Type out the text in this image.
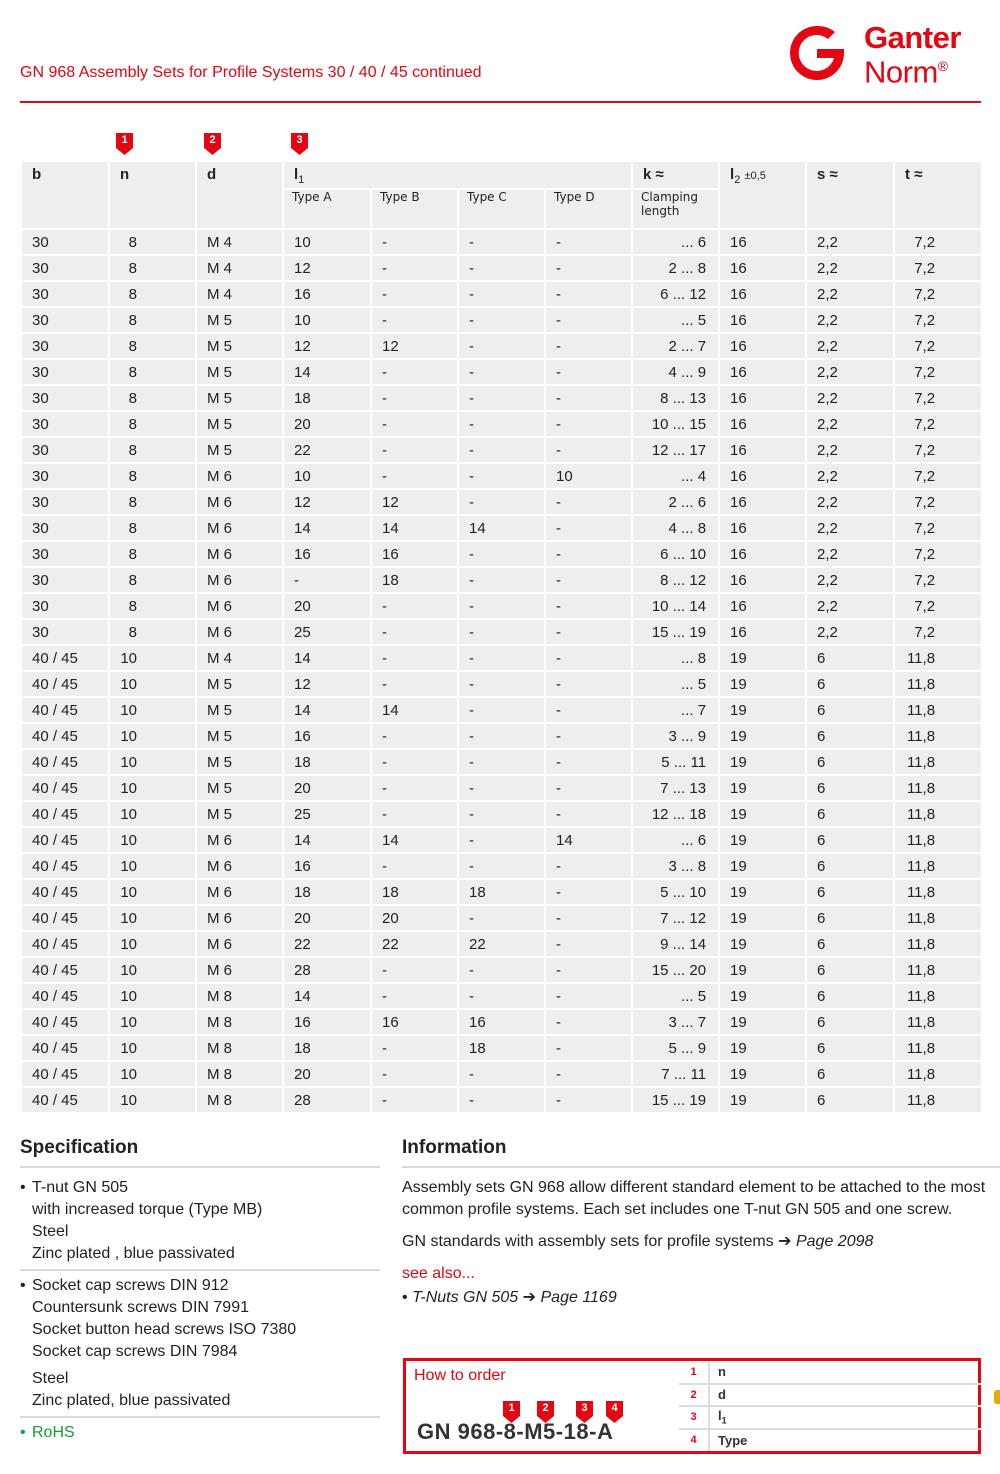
Ganter
Norm®
GN 968 Assembly Sets for Profile Systems 30 / 40 / 45 continued
1	2	3
b	n	d	$l_1$				k ≈	$l_2 \pm 0,5$	s ≈	t ≈
			Type A	Type B	Type C	Type D	Clamping length			
30	8	M 4	10	-	-	-	... 6	16	2,2	7,2
30	8	M 4	12	-	-	-	2 ... 8	16	2,2	7,2
30	8	M 4	16	-	-	-	6 ... 12	16	2,2	7,2
30	8	M 5	10	-	-	-	... 5	16	2,2	7,2
30	8	M 5	12	12	-	-	2 ... 7	16	2,2	7,2
30	8	M 5	14	-	-	-	4 ... 9	16	2,2	7,2
30	8	M 5	18	-	-	-	8 ... 13	16	2,2	7,2
30	8	M 5	20	-	-	-	10 ... 15	16	2,2	7,2
30	8	M 5	22	-	-	-	12 ... 17	16	2,2	7,2
30	8	M 6	10	-	-	10	... 4	16	2,2	7,2
30	8	M 6	12	12	-	-	2 ... 6	16	2,2	7,2
30	8	M 6	14	14	14	-	4 ... 8	16	2,2	7,2
30	8	M 6	16	16	-	-	6 ... 10	16	2,2	7,2
30	8	M 6	-	18	-	-	8 ... 12	16	2,2	7,2
30	8	M 6	20	-	-	-	10 ... 14	16	2,2	7,2
30	8	M 6	25	-	-	-	15 ... 19	16	2,2	7,2
40 / 45	10	M 4	14	-	-	-	... 8	19	6	11,8
40 / 45	10	M 5	12	-	-	-	... 5	19	6	11,8
40 / 45	10	M 5	14	14	-	-	... 7	19	6	11,8
40 / 45	10	M 5	16	-	-	-	3 ... 9	19	6	11,8
40 / 45	10	M 5	18	-	-	-	5 ... 11	19	6	11,8
40 / 45	10	M 5	20	-	-	-	7 ... 13	19	6	11,8
40 / 45	10	M 5	25	-	-	-	12 ... 18	19	6	11,8
40 / 45	10	M 6	14	14	-	14	... 6	19	6	11,8
40 / 45	10	M 6	16	-	-	-	3 ... 8	19	6	11,8
40 / 45	10	M 6	18	18	18	-	5 ... 10	19	6	11,8
40 / 45	10	M 6	20	20	-	-	7 ... 12	19	6	11,8
40 / 45	10	M 6	22	22	22	-	9 ... 14	19	6	11,8
40 / 45	10	M 6	28	-	-	-	15 ... 20	19	6	11,8
40 / 45	10	M 8	14	-	-	-	... 5	19	6	11,8
40 / 45	10	M 8	16	16	16	-	3 ... 7	19	6	11,8
40 / 45	10	M 8	18	-	18	-	5 ... 9	19	6	11,8
40 / 45	10	M 8	20	-	-	-	7 ... 11	19	6	11,8
40 / 45	10	M 8	28	-	-	-	15 ... 19	19	6	11,8
Specification
• T-nut GN 505
with increased torque (Type MB)
Steel
Zinc plated , blue passivated
• Socket cap screws DIN 912
Countersunk screws DIN 7991
Socket button head screws ISO 7380
Socket cap screws DIN 7984
Steel
Zinc plated, blue passivated
• RoHS
Information

Assembly sets GN 968 allow different standard element to be attached to the most common profile systems. Each set includes one T-nut GN 505 and one screw.

GN standards with assembly sets for profile systems ➔ Page 2098

see also...

• T-Nuts GN 505 ➔ Page 1169

How to order
1	2	3	4
GN 968-8-M5-18-A
1	n
2	d
3	$l_1$
4	Type
